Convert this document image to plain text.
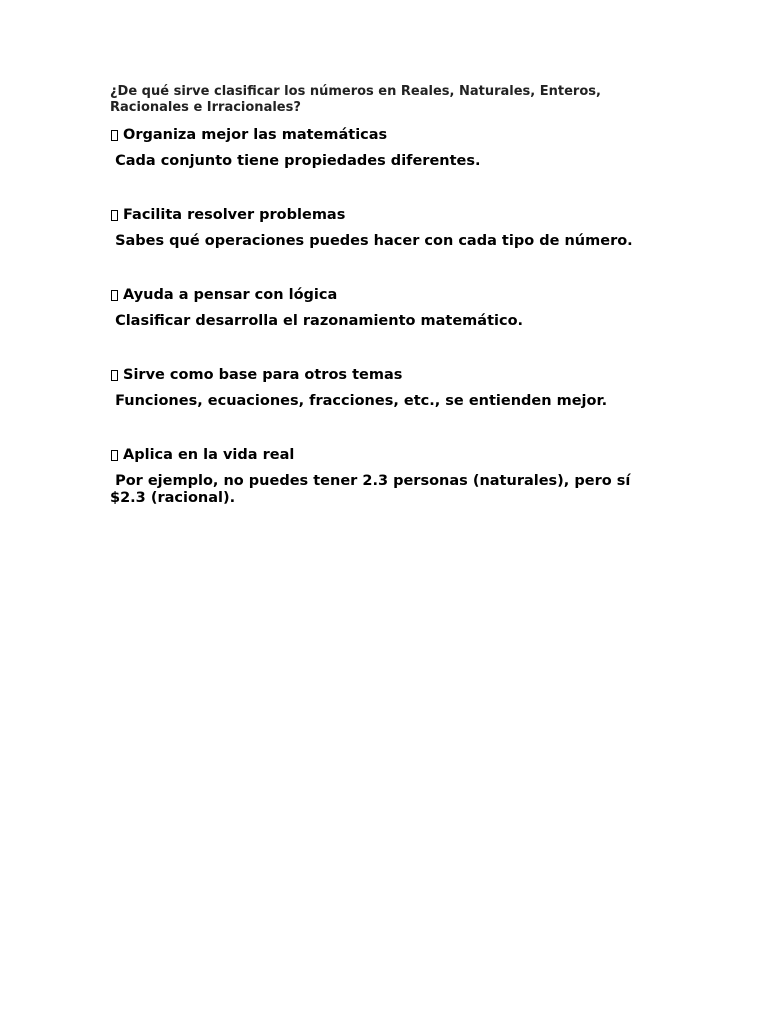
¿De qué sirve clasificar los números en Reales, Naturales, Enteros, Racionales e Irracionales?

Organiza mejor las matemáticas

Cada conjunto tiene propiedades diferentes.

Facilita resolver problemas

Sabes qué operaciones puedes hacer con cada tipo de número.

Ayuda a pensar con lógica

Clasificar desarrolla el razonamiento matemático.

Sirve como base para otros temas

Funciones, ecuaciones, fracciones, etc., se entienden mejor.

Aplica en la vida real

Por ejemplo, no puedes tener 2.3 personas (naturales), pero sí $2.3 (racional).
